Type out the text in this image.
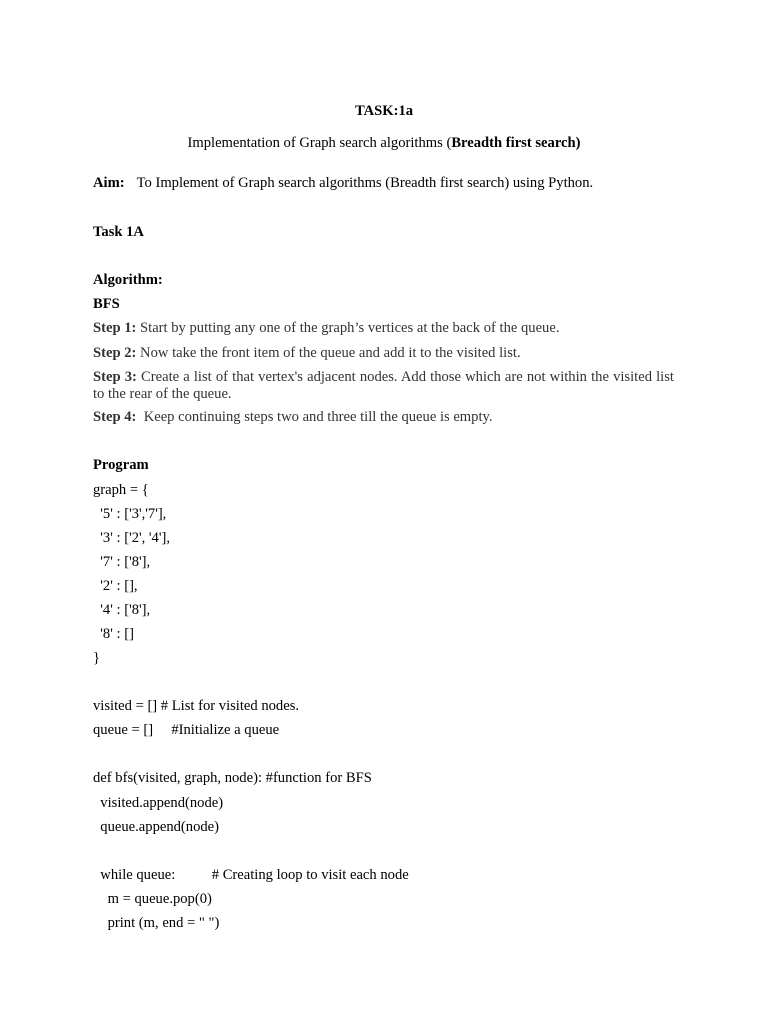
TASK:1a
Implementation of Graph search algorithms (Breadth first search)
Aim: To Implement of Graph search algorithms (Breadth first search) using Python.
Task 1A
Algorithm:
BFS
Step 1: Start by putting any one of the graph’s vertices at the back of the queue.
Step 2: Now take the front item of the queue and add it to the visited list.
Step 3: Create a list of that vertex's adjacent nodes. Add those which are not within the visited list to the rear of the queue.
Step 4:  Keep continuing steps two and three till the queue is empty.
Program
graph = {
'5' : ['3','7'],
'3' : ['2', '4'],
'7' : ['8'],
'2' : [],
'4' : ['8'],
'8' : []
}
visited = [] # List for visited nodes.
queue = []     #Initialize a queue
def bfs(visited, graph, node): #function for BFS
visited.append(node)
queue.append(node)
while queue:          # Creating loop to visit each node
m = queue.pop(0)
print (m, end = " ")
